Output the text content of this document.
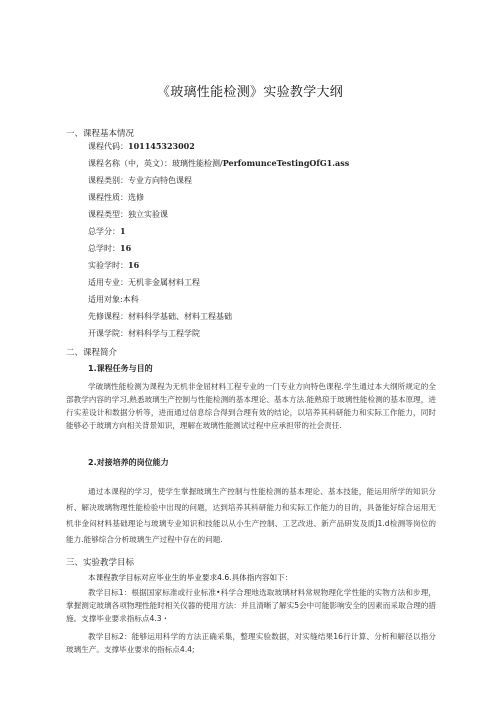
《玻璃性能检测》实验教学大纲
一、课程基本情况
课程代码：101145323002
课程名称（中，英文）：玻璃性能检测/PerfomunceTestingOfG1.ass
课程类别：专业方向特色课程
课程性质：选修
课程类型：独立实验课
总学分：1
总学时：16
实验学时：16
适用专业：无机非金属材料工程
适用对象:本科
先修课程：材料科学基础、材料工程基础
开课学院：材料科学与工程学院
二、课程简介
1.课程任务与目的

学破璃性能检测为课程为无机非金屈材料工程专业的一门专业方向特色课程.学生通过本大纲所规定的全部教学内容的学习,熟悉玻璃生产控制与性能检测的基本理论、基本方法.能熟琼于玻璃性能检测的基本原理，进行实差设计和数据分析等，进而通过信息综合得到合理有效的结论，以培养其科研能力和实际工作能力，同时能够必于玻璃方向相关背景知识，理解在玻璃性能测试过程中应承担带的社会责任.

2.对接培养的岗位能力

通过本课程的学习，使学生掌握玻璃生产控制与性能检测的基本理论、基本技能，能运用所学的知识分析、解决玻璃物理性能检验中出现的问题，达到培养其科研能力和实际工作能力的目的，具备能好综合运用无机非金闷材料基础理论与玻璃专业知识和技能以从小生产控制、工艺改进、新产品研发及质J1.d检测等岗位的能力.能够综合分析玻璃生产过程中存在的问题.

三、实验教学目标
本课程教学目标对应毕业生的毕业要求4.6.具体指内容如下：

教学目标1：根据国家标准或行业标准•科学合理地选取玻璃材料常规物理化学性能的实物方法和步理，掌握测定玻璃各项物理性能时相关仪器的使用方法：并且清晰了解实5会中可能影响安全的因素而采取合理的措施。支撑毕业要求指标点4.3・

教学目标2：能够运用科学的方法正确采集，整理实验数据，对实缝结果16行计算、分析和解径以指分玻璃生产。支撑毕业要求的指标点4.4;
